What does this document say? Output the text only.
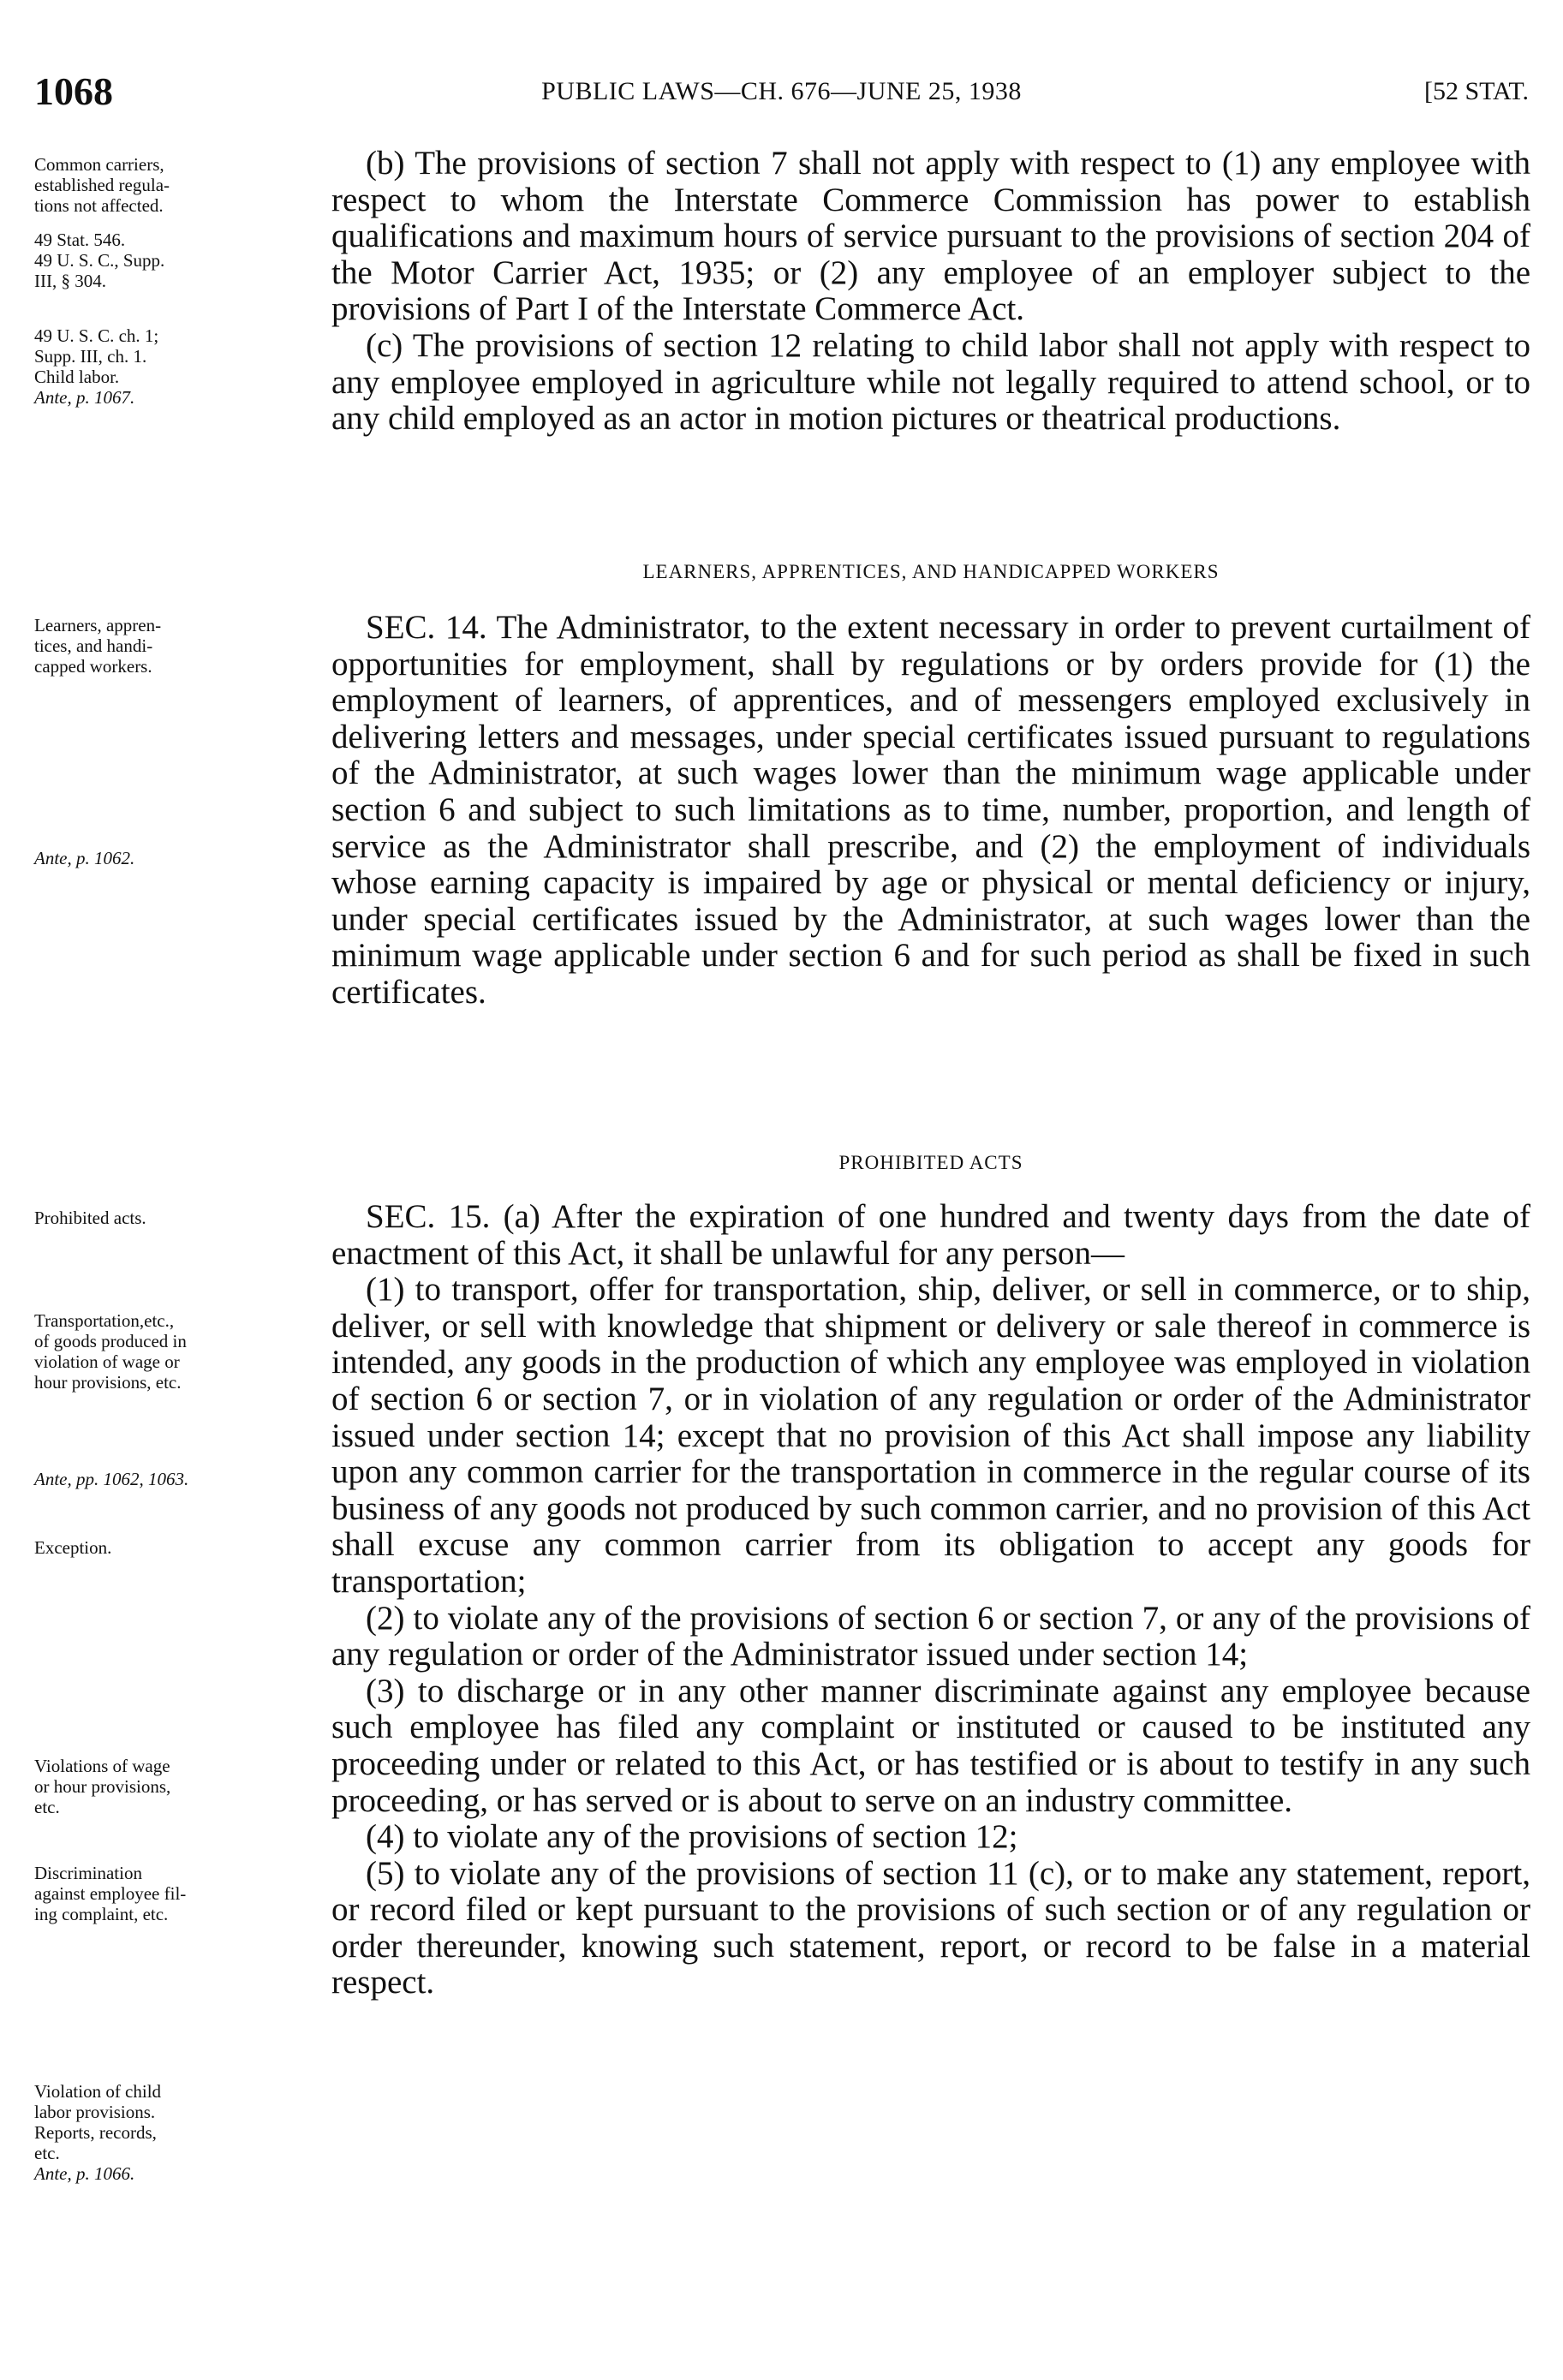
1068	PUBLIC LAWS—CH. 676—JUNE 25, 1938	[52 STAT.
Common carriers,
established regula-
tions not affected.
49 Stat. 546.
49 U. S. C., Supp.
III, § 304.
49 U. S. C. ch. 1;
Supp. III, ch. 1.
Child labor.
Ante, p. 1067.
Learners, appren-
tices, and handi-
capped workers.
Ante, p. 1062.
Prohibited acts.
Transportation,etc.,
of goods produced in
violation of wage or
hour provisions, etc.
Ante, pp. 1062, 1063.
Exception.
Violations of wage
or hour provisions,
etc.
Discrimination
against employee fil-
ing complaint, etc.
Violation of child
labor provisions.
Reports, records,
etc.
Ante, p. 1066.

(b) The provisions of section 7 shall not apply with respect to (1) any employee with respect to whom the Interstate Commerce Commission has power to establish qualifications and maximum hours of service pursuant to the provisions of section 204 of the Motor Carrier Act, 1935; or (2) any employee of an employer subject to the provisions of Part I of the Interstate Commerce Act.

(c) The provisions of section 12 relating to child labor shall not apply with respect to any employee employed in agriculture while not legally required to attend school, or to any child employed as an actor in motion pictures or theatrical productions.

LEARNERS, APPRENTICES, AND HANDICAPPED WORKERS

SEC. 14. The Administrator, to the extent necessary in order to prevent curtailment of opportunities for employment, shall by regulations or by orders provide for (1) the employment of learners, of apprentices, and of messengers employed exclusively in delivering letters and messages, under special certificates issued pursuant to regulations of the Administrator, at such wages lower than the minimum wage applicable under section 6 and subject to such limitations as to time, number, proportion, and length of service as the Administrator shall prescribe, and (2) the employment of individuals whose earning capacity is impaired by age or physical or mental deficiency or injury, under special certificates issued by the Administrator, at such wages lower than the minimum wage applicable under section 6 and for such period as shall be fixed in such certificates.

PROHIBITED ACTS

SEC. 15. (a) After the expiration of one hundred and twenty days from the date of enactment of this Act, it shall be unlawful for any person—

(1) to transport, offer for transportation, ship, deliver, or sell in commerce, or to ship, deliver, or sell with knowledge that shipment or delivery or sale thereof in commerce is intended, any goods in the production of which any employee was employed in violation of section 6 or section 7, or in violation of any regulation or order of the Administrator issued under section 14; except that no provision of this Act shall impose any liability upon any common carrier for the transportation in commerce in the regular course of its business of any goods not produced by such common carrier, and no provision of this Act shall excuse any common carrier from its obligation to accept any goods for transportation;

(2) to violate any of the provisions of section 6 or section 7, or any of the provisions of any regulation or order of the Administrator issued under section 14;

(3) to discharge or in any other manner discriminate against any employee because such employee has filed any complaint or instituted or caused to be instituted any proceeding under or related to this Act, or has testified or is about to testify in any such proceeding, or has served or is about to serve on an industry committee.

(4) to violate any of the provisions of section 12;

(5) to violate any of the provisions of section 11 (c), or to make any statement, report, or record filed or kept pursuant to the provisions of such section or of any regulation or order thereunder, knowing such statement, report, or record to be false in a material respect.
